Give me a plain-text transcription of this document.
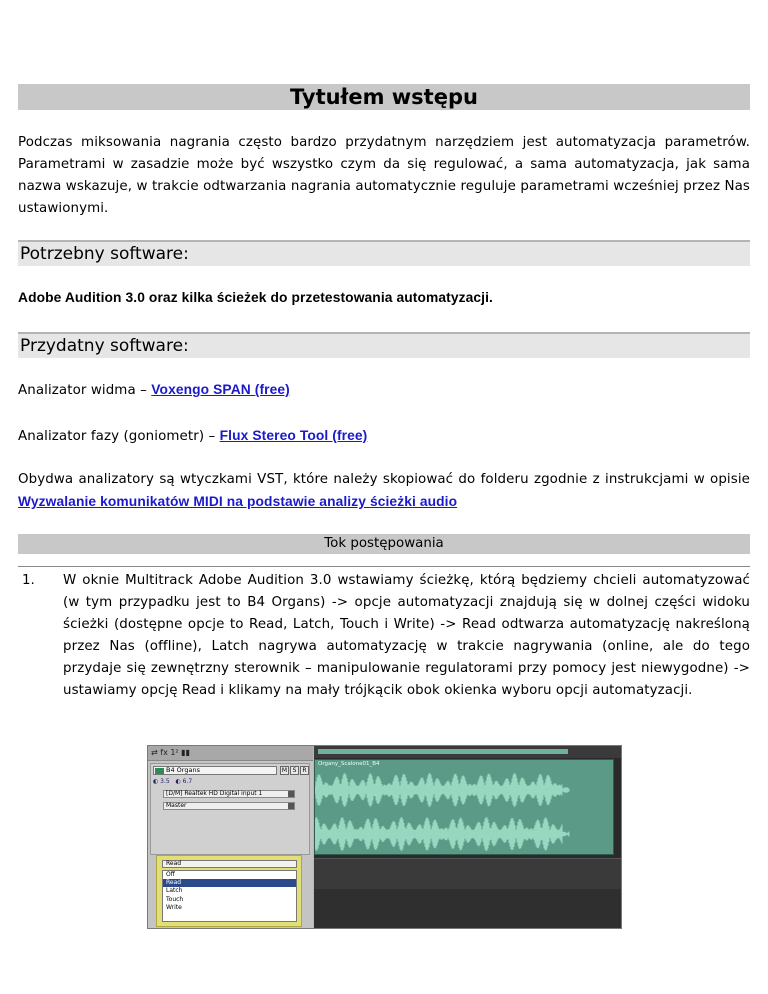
Tytułem wstępu

Podczas miksowania nagrania często bardzo przydatnym narzędziem jest automatyzacja parametrów. Parametrami w zasadzie może być wszystko czym da się regulować, a sama automatyzacja, jak sama nazwa wskazuje, w trakcie odtwarzania nagrania automatycznie reguluje parametrami wcześniej przez Nas ustawionymi.

Potrzebny software:

Adobe Audition 3.0 oraz kilka ścieżek do przetestowania automatyzacji.

Przydatny software:

Analizator widma – Voxengo SPAN (free)

Analizator fazy (goniometr) – Flux Stereo Tool (free)

Obydwa analizatory są wtyczkami VST, które należy skopiować do folderu zgodnie z instrukcjami w opisie Wyzwalanie komunikatów MIDI na podstawie analizy ścieżki audio

Tok postępowania
1. W oknie Multitrack Adobe Audition 3.0 wstawiamy ścieżkę, którą będziemy chcieli automatyzować (w tym przypadku jest to B4 Organs) -> opcje automatyzacji znajdują się w dolnej części widoku ścieżki (dostępne opcje to Read, Latch, Touch i Write) -> Read odtwarza automatyzację nakreśloną przez Nas (offline), Latch nagrywa automatyzację w trakcie nagrywania (online, ale do tego przydaje się zewnętrzny sterownik – manipulowanie regulatorami przy pomocy jest niewygodne) -> ustawiamy opcję Read i klikamy na mały trójkącik obok okienka wyboru opcji automatyzacji.

⇄ fx 1² ▮▮
B4 Organs	M S	R
◐ 3.5 ◐ 6.7
[D/M] Realtek HD Digital input 1
Master
Read
Off
Read
Latch
Touch
Write
Organy_Scalone01_B4
